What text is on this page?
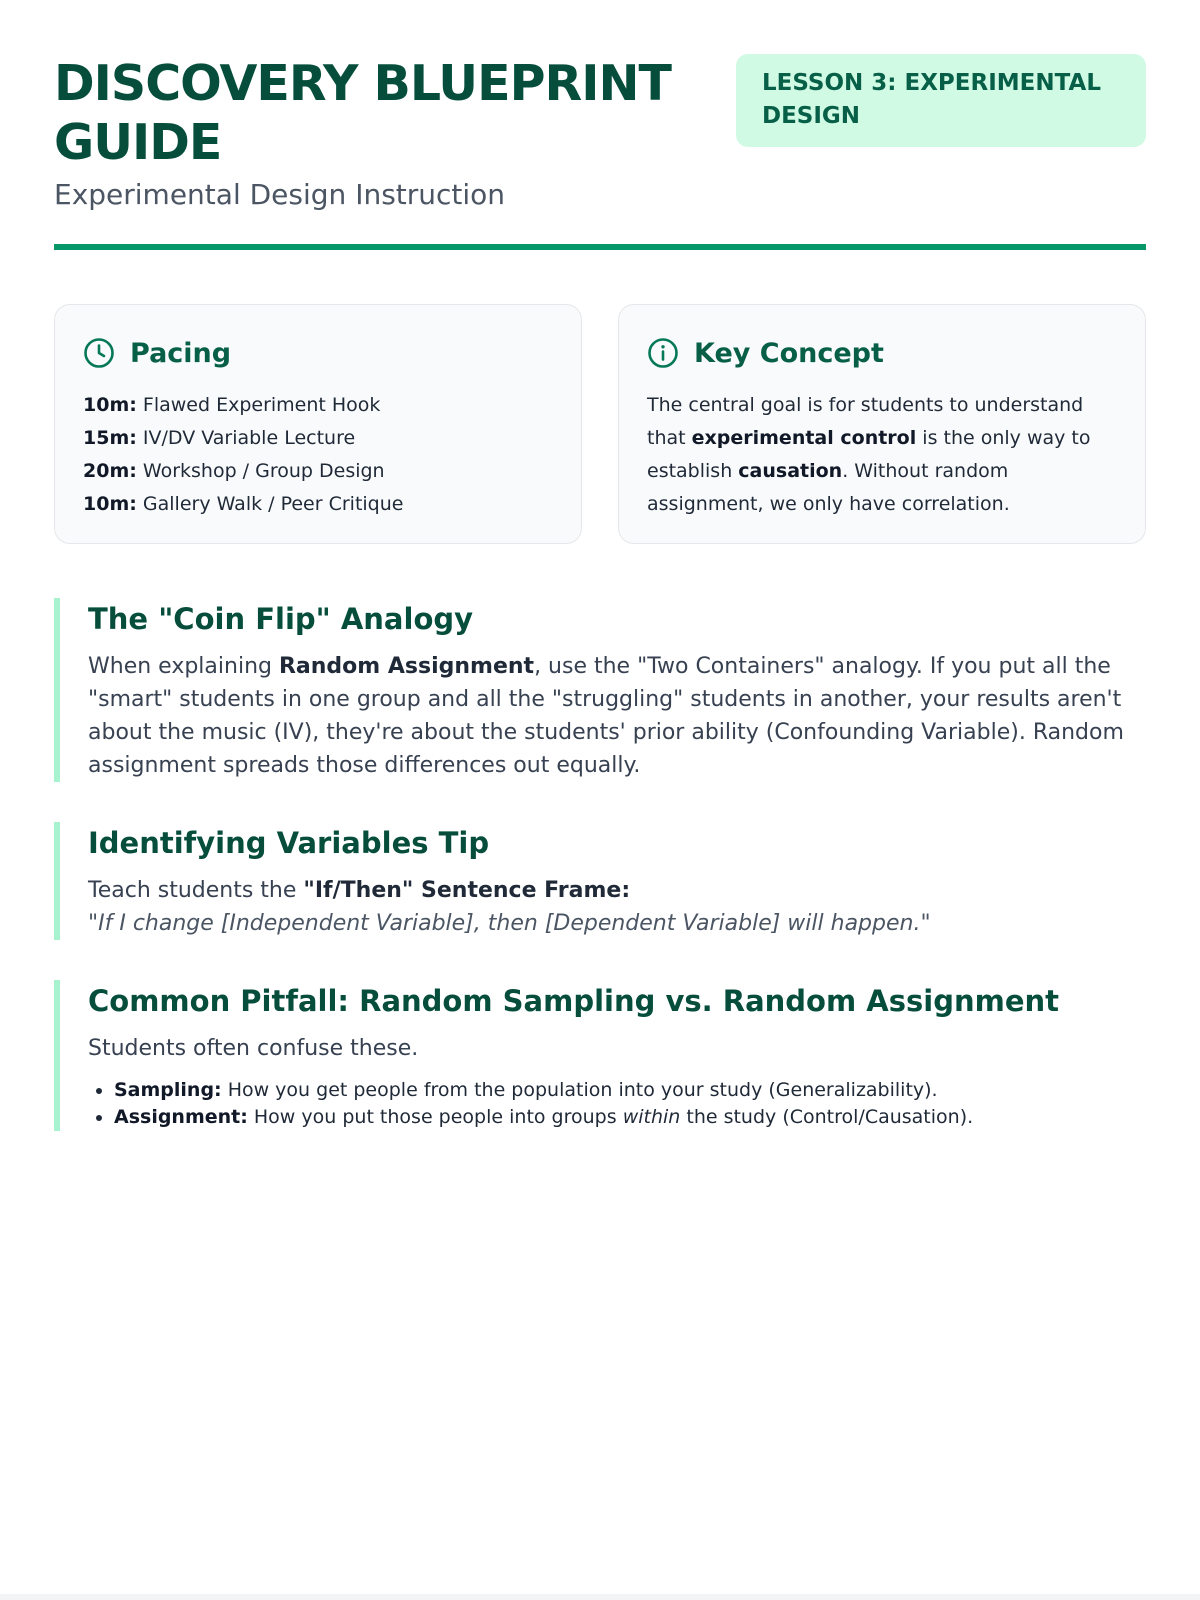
DISCOVERY BLUEPRINT GUIDE

Experimental Design Instruction

LESSON 3: EXPERIMENTAL DESIGN
Pacing
10m: Flawed Experiment Hook
15m: IV/DV Variable Lecture
20m: Workshop / Group Design
10m: Gallery Walk / Peer Critique
Key Concept

The central goal is for students to understand that experimental control is the only way to establish causation. Without random assignment, we only have correlation.

The "Coin Flip" Analogy

When explaining Random Assignment, use the "Two Containers" analogy. If you put all the "smart" students in one group and all the "struggling" students in another, your results aren't about the music (IV), they're about the students' prior ability (Confounding Variable). Random assignment spreads those differences out equally.

Identifying Variables Tip

Teach students the "If/Then" Sentence Frame:
"If I change [Independent Variable], then [Dependent Variable] will happen."

Common Pitfall: Random Sampling vs. Random Assignment

Students often confuse these.

• Sampling: How you get people from the population into your study (Generalizability).
• Assignment: How you put those people into groups within the study (Control/Causation).
